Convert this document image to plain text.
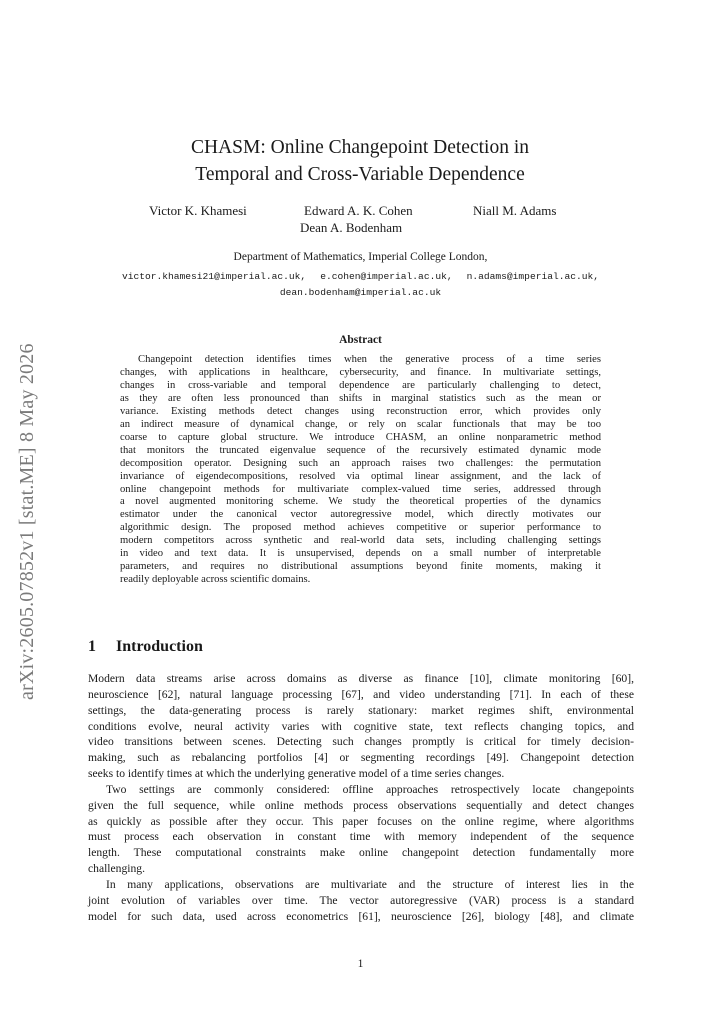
arXiv:2605.07852v1 [stat.ME] 8 May 2026
CHASM: Online Changepoint Detection in
Temporal and Cross-Variable Dependence
Victor K. Khamesi	Edward A. K. Cohen	Niall M. Adams
Dean A. Bodenham
Department of Mathematics, Imperial College London,
victor.khamesi21@imperial.ac.uk, e.cohen@imperial.ac.uk, n.adams@imperial.ac.uk,
dean.bodenham@imperial.ac.uk
Abstract
Changepoint detection identifies times when the generative process of a time series
changes, with applications in healthcare, cybersecurity, and finance. In multivariate settings,
changes in cross-variable and temporal dependence are particularly challenging to detect,
as they are often less pronounced than shifts in marginal statistics such as the mean or
variance. Existing methods detect changes using reconstruction error, which provides only
an indirect measure of dynamical change, or rely on scalar functionals that may be too
coarse to capture global structure. We introduce CHASM, an online nonparametric method
that monitors the truncated eigenvalue sequence of the recursively estimated dynamic mode
decomposition operator. Designing such an approach raises two challenges: the permutation
invariance of eigendecompositions, resolved via optimal linear assignment, and the lack of
online changepoint methods for multivariate complex-valued time series, addressed through
a novel augmented monitoring scheme. We study the theoretical properties of the dynamics
estimator under the canonical vector autoregressive model, which directly motivates our
algorithmic design. The proposed method achieves competitive or superior performance to
modern competitors across synthetic and real-world data sets, including challenging settings
in video and text data. It is unsupervised, depends on a small number of interpretable
parameters, and requires no distributional assumptions beyond finite moments, making it
readily deployable across scientific domains.
1 Introduction
Modern data streams arise across domains as diverse as finance [10], climate monitoring [60],
neuroscience [62], natural language processing [67], and video understanding [71]. In each of these
settings, the data-generating process is rarely stationary: market regimes shift, environmental
conditions evolve, neural activity varies with cognitive state, text reflects changing topics, and
video transitions between scenes. Detecting such changes promptly is critical for timely decision-
making, such as rebalancing portfolios [4] or segmenting recordings [49]. Changepoint detection
seeks to identify times at which the underlying generative model of a time series changes.
Two settings are commonly considered: offline approaches retrospectively locate changepoints
given the full sequence, while online methods process observations sequentially and detect changes
as quickly as possible after they occur. This paper focuses on the online regime, where algorithms
must process each observation in constant time with memory independent of the sequence
length. These computational constraints make online changepoint detection fundamentally more
challenging.
In many applications, observations are multivariate and the structure of interest lies in the
joint evolution of variables over time. The vector autoregressive (VAR) process is a standard
model for such data, used across econometrics [61], neuroscience [26], biology [48], and climate
1
